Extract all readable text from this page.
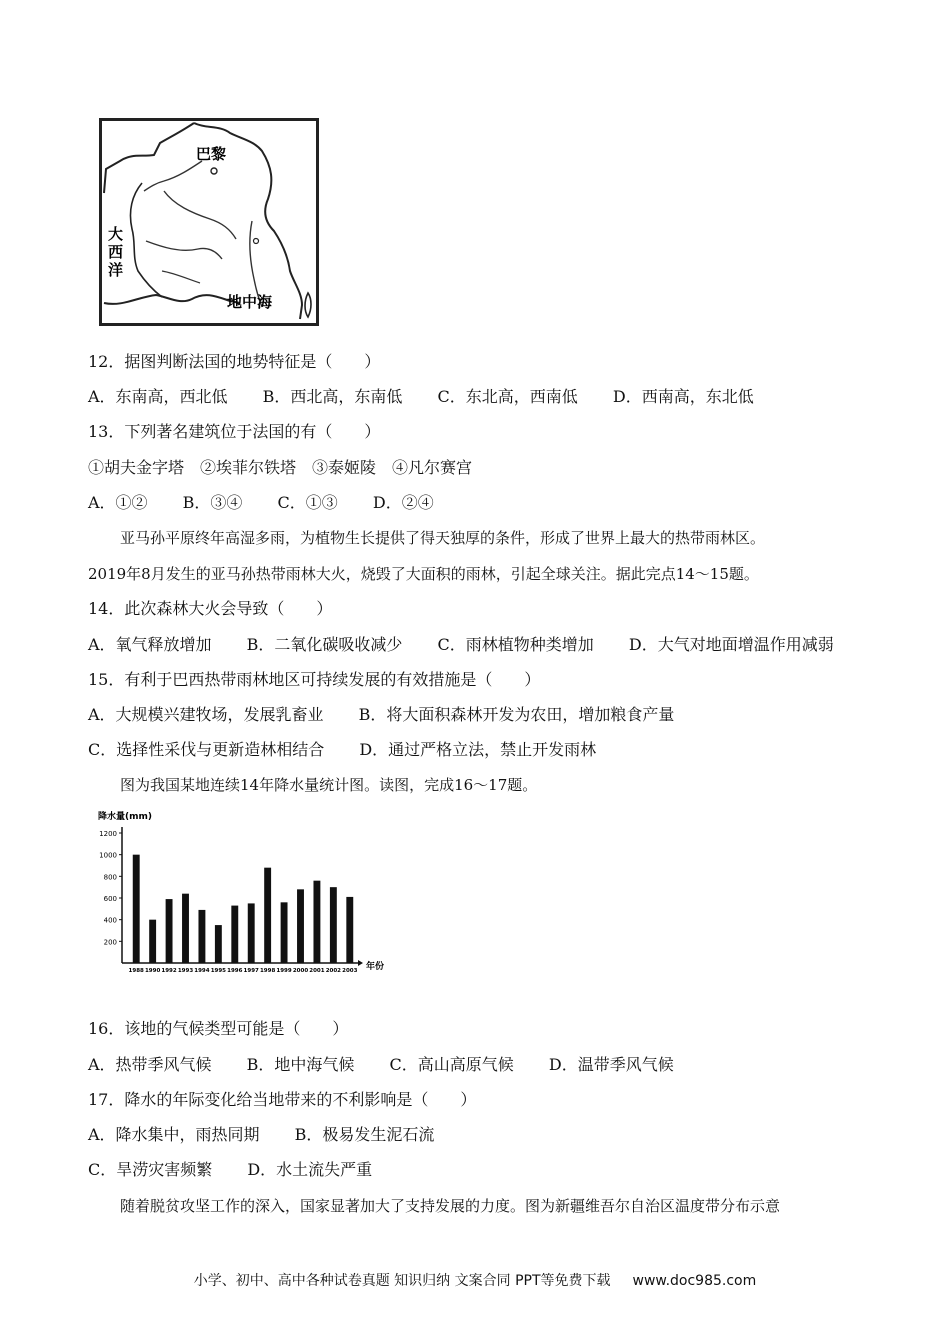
巴黎
地中海
大 西 洋
12．据图判断法国的地势特征是（　　）
A．东南高，西北低 B．西北高，东南低 C．东北高，西南低 D．西南高，东北低
13．下列著名建筑位于法国的有（　　）
①胡夫金字塔　②埃菲尔铁塔　③泰姬陵　④凡尔赛宫
A．①② B．③④ C．①③ D．②④
亚马孙平原终年高湿多雨，为植物生长提供了得天独厚的条件，形成了世界上最大的热带雨林区。
2019年8月发生的亚马孙热带雨林大火，烧毁了大面积的雨林，引起全球关注。据此完点14～15题。
14．此次森林大火会导致（　　）
A．氧气释放增加 B．二氧化碳吸收减少 C．雨林植物种类增加 D．大气对地面增温作用减弱
15．有利于巴西热带雨林地区可持续发展的有效措施是（　　）
A．大规模兴建牧场，发展乳畜业 B．将大面积森林开发为农田，增加粮食产量
C．选择性采伐与更新造林相结合 D．通过严格立法，禁止开发雨林
图为我国某地连续14年降水量统计图。读图，完成16～17题。
降水量(mm)
年份
1200
1000
800
600
400
200
1988 1990 1992 1993 1994 1995 1996 1997 1998 1999 2000 2001 2002 2003
16．该地的气候类型可能是（　　）
A．热带季风气候 B．地中海气候 C．高山高原气候 D．温带季风气候
17．降水的年际变化给当地带来的不利影响是（　　）
A．降水集中，雨热同期 B．极易发生泥石流
C．旱涝灾害频繁 D．水土流失严重
随着脱贫攻坚工作的深入，国家显著加大了支持发展的力度。图为新疆维吾尔自治区温度带分布示意
小学、初中、高中各种试卷真题 知识归纳 文案合同 PPT等免费下载 www.doc985.com
